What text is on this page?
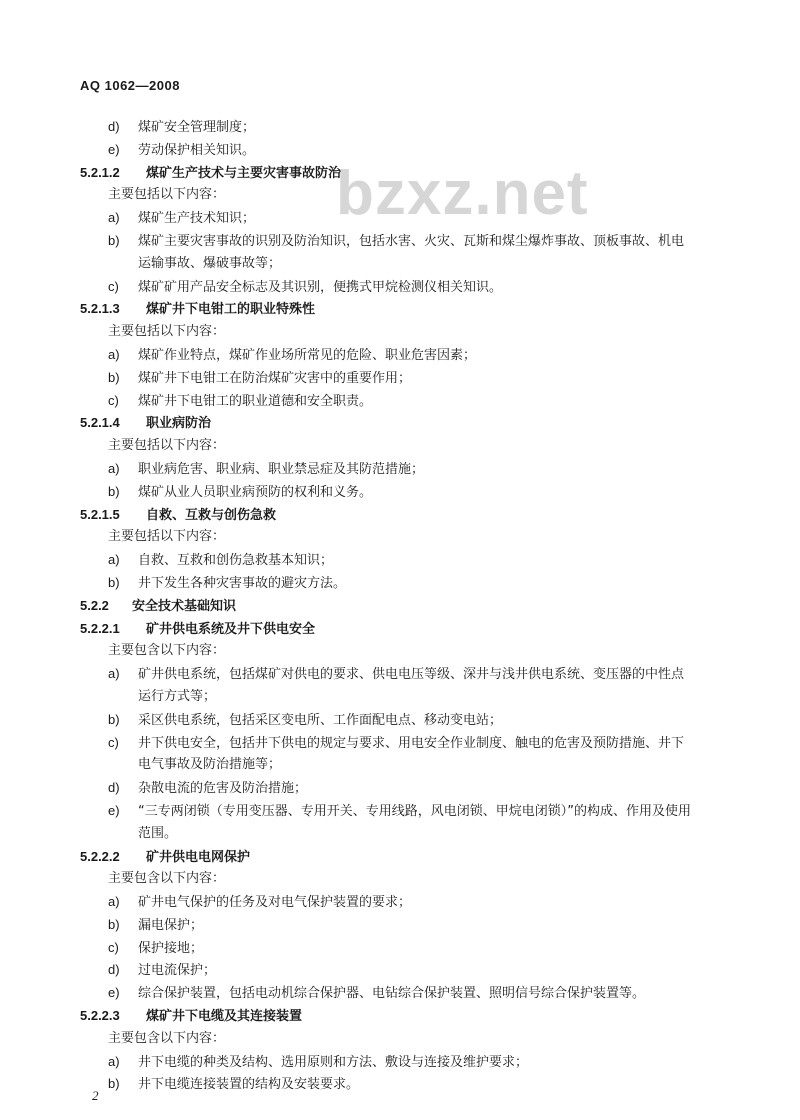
AQ 1062—2008
bzxz.net
d) 煤矿安全管理制度；
e) 劳动保护相关知识。
5.2.1.2 煤矿生产技术与主要灾害事故防治
主要包括以下内容：
a) 煤矿生产技术知识；
b) 煤矿主要灾害事故的识别及防治知识，包括水害、火灾、瓦斯和煤尘爆炸事故、顶板事故、机电
运输事故、爆破事故等；
c) 煤矿矿用产品安全标志及其识别，便携式甲烷检测仪相关知识。
5.2.1.3 煤矿井下电钳工的职业特殊性
主要包括以下内容：
a) 煤矿作业特点，煤矿作业场所常见的危险、职业危害因素；
b) 煤矿井下电钳工在防治煤矿灾害中的重要作用；
c) 煤矿井下电钳工的职业道德和安全职责。
5.2.1.4 职业病防治
主要包括以下内容：
a) 职业病危害、职业病、职业禁忌症及其防范措施；
b) 煤矿从业人员职业病预防的权利和义务。
5.2.1.5 自救、互救与创伤急救
主要包括以下内容：
a) 自救、互救和创伤急救基本知识；
b) 井下发生各种灾害事故的避灾方法。
5.2.2 安全技术基础知识
5.2.2.1 矿井供电系统及井下供电安全
主要包含以下内容：
a) 矿井供电系统，包括煤矿对供电的要求、供电电压等级、深井与浅井供电系统、变压器的中性点
运行方式等；
b) 采区供电系统，包括采区变电所、工作面配电点、移动变电站；
c) 井下供电安全，包括井下供电的规定与要求、用电安全作业制度、触电的危害及预防措施、井下
电气事故及防治措施等；
d) 杂散电流的危害及防治措施；
e) “三专两闭锁（专用变压器、专用开关、专用线路，风电闭锁、甲烷电闭锁）”的构成、作用及使用
范围。
5.2.2.2 矿井供电电网保护
主要包含以下内容：
a) 矿井电气保护的任务及对电气保护装置的要求；
b) 漏电保护；
c) 保护接地；
d) 过电流保护；
e) 综合保护装置，包括电动机综合保护器、电钻综合保护装置、照明信号综合保护装置等。
5.2.2.3 煤矿井下电缆及其连接装置
主要包含以下内容：
a) 井下电缆的种类及结构、选用原则和方法、敷设与连接及维护要求；
b) 井下电缆连接装置的结构及安装要求。
2
